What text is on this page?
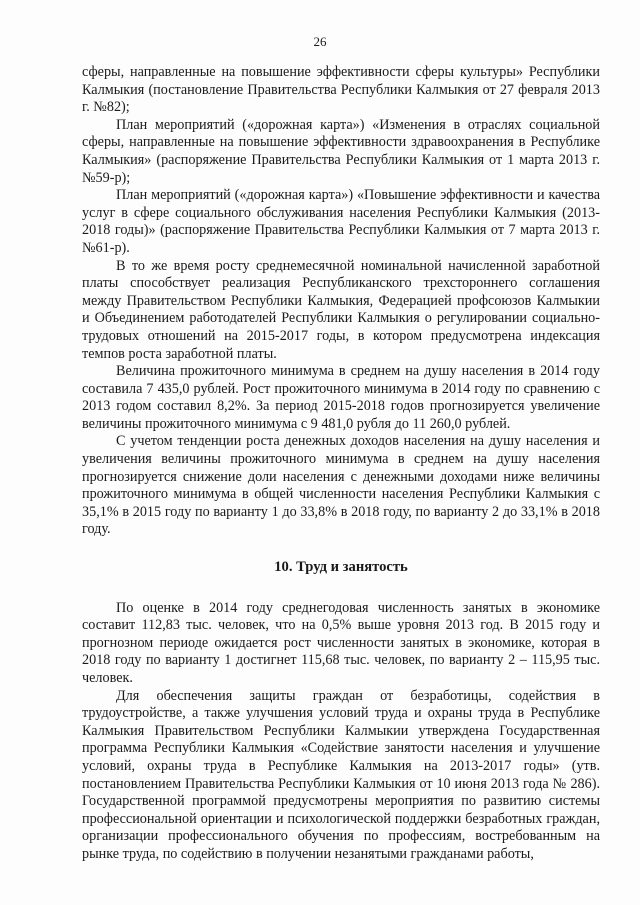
26

сферы, направленные на повышение эффективности сферы культуры» Республики Калмыкия (постановление Правительства Республики Калмыкия от 27 февраля 2013 г. №82);

План мероприятий («дорожная карта») «Изменения в отраслях социальной сферы, направленные на повышение эффективности здравоохранения в Республике Калмыкия» (распоряжение Правительства Республики Калмыкия от 1 марта 2013 г. №59-р);

План мероприятий («дорожная карта») «Повышение эффективности и качества услуг в сфере социального обслуживания населения Республики Калмыкия (2013-2018 годы)» (распоряжение Правительства Республики Калмыкия от 7 марта 2013 г. №61-р).

В то же время росту среднемесячной номинальной начисленной заработной платы способствует реализация Республиканского трехстороннего соглашения между Правительством Республики Калмыкия, Федерацией профсоюзов Калмыкии и Объединением работодателей Республики Калмыкия о регулировании социально-трудовых отношений на 2015-2017 годы, в котором предусмотрена индексация темпов роста заработной платы.

Величина прожиточного минимума в среднем на душу населения в 2014 году составила 7 435,0 рублей. Рост прожиточного минимума в 2014 году по сравнению с 2013 годом составил 8,2%. За период 2015-2018 годов прогнозируется увеличение величины прожиточного минимума с 9 481,0 рубля до 11 260,0 рублей.

С учетом тенденции роста денежных доходов населения на душу населения и увеличения величины прожиточного минимума в среднем на душу населения прогнозируется снижение доли населения с денежными доходами ниже величины прожиточного минимума в общей численности населения Республики Калмыкия с 35,1% в 2015 году по варианту 1 до 33,8% в 2018 году, по варианту 2 до 33,1% в 2018 году.

10. Труд и занятость

По оценке в 2014 году среднегодовая численность занятых в экономике составит 112,83 тыс. человек, что на 0,5% выше уровня 2013 год. В 2015 году и прогнозном периоде ожидается рост численности занятых в экономике, которая в 2018 году по варианту 1 достигнет 115,68 тыс. человек, по варианту 2 – 115,95 тыс. человек.

Для обеспечения защиты граждан от безработицы, содействия в трудоустройстве, а также улучшения условий труда и охраны труда в Республике Калмыкия Правительством Республики Калмыкии утверждена Государственная программа Республики Калмыкия «Содействие занятости населения и улучшение условий, охраны труда в Республике Калмыкия на 2013-2017 годы» (утв. постановлением Правительства Республики Калмыкия от 10 июня 2013 года № 286). Государственной программой предусмотрены мероприятия по развитию системы профессиональной ориентации и психологической поддержки безработных граждан, организации профессионального обучения по профессиям, востребованным на рынке труда, по содействию в получении незанятыми гражданами работы,
